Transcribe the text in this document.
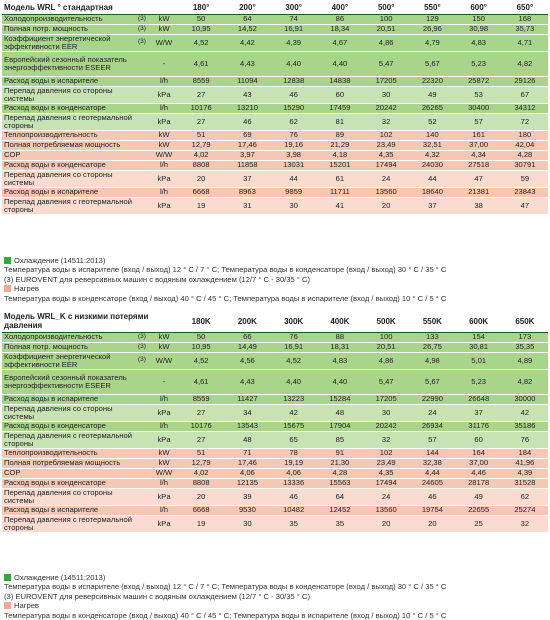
Модель WRL ° стандартная			180°	200°	300°	400°	500°	550°	600°	650°
Холодопроизводительность	(3)	kW	50	64	74	86	100	129	150	168
Полная потр. мощность	(3)	kW	10,95	14,52	16,91	18,34	20,51	26,96	30,98	35,73
Коэффициент энергетической эффективности EER	(3)	W/W	4,52	4,42	4,39	4,67	4,86	4,79	4,83	4,71
Европейский сезонный показатель энергоэффективности ESEER		-	4,61	4,43	4,40	4,40	5,47	5,67	5,23	4,82
Расход воды в испарителе		l/h	8559	11094	12838	14838	17205	22320	25872	29126
Перепад давления со стороны системы		kPa	27	43	46	60	30	49	53	67
Расход воды в конденсаторе		l/h	10176	13210	15290	17459	20242	26265	30400	34312
Перепад давления с геотермальной стороны		kPa	27	46	62	81	32	52	57	72
Теплопроизводительность		kW	51	69	76	89	102	140	161	180
Полная потребляемая мощность		kW	12,79	17,46	19,16	21,29	23,49	32,51	37,00	42,04
COP		W/W	4,02	3,97	3,98	4,18	4,35	4,32	4,34	4,28
Расход воды в конденсаторе		l/h	8808	11858	13031	15201	17494	24030	27518	30791
Перепад давления со стороны системы		kPa	20	37	44	61	24	44	47	59
Расход воды в испарителе		l/h	6668	8963	9859	11711	13560	18640	21381	23843
Перепад давления с геотермальной стороны		kPa	19	31	30	41	20	37	38	47
Охлаждение (14511:2013)
Температура воды в испарителе (вход / выход) 12 ° C / 7 ° C; Температура воды в конденсаторе (вход / выход) 30 ° C / 35 ° C
(3) EUROVENT для реверсивных машин с водяным охлаждением (12/7 ° C - 30/35 ° C)
Нагрев
Температура воды в конденсаторе (вход / выход) 40 ° C / 45 ° C; Температура воды в испарителе (вход / выход) 10 ° C / 5 ° C
Модель WRL_K с низкими потерями давления			180K	200K	300K	400K	500K	550K	600K	650K
Холодопроизводительность	(3)	kW	50	66	76	88	100	133	154	173
Полная потр. мощность	(3)	kW	10,95	14,49	16,91	18,31	20,51	26,75	30,81	35,35
Коэффициент энергетической эффективности EER	(3)	W/W	4,52	4,56	4,52	4,83	4,86	4,98	5,01	4,89
Европейский сезонный показатель энергоэффективности ESEER		-	4,61	4,43	4,40	4,40	5,47	5,67	5,23	4,82
Расход воды в испарителе		l/h	8559	11427	13223	15284	17205	22990	26648	30000
Перепад давления со стороны системы		kPa	27	34	42	48	30	24	37	42
Расход воды в конденсаторе		l/h	10176	13543	15675	17904	20242	26934	31176	35186
Перепад давления с геотермальной стороны		kPa	27	48	65	85	32	57	60	76
Теплопроизводительность		kW	51	71	78	91	102	144	164	184
Полная потребляемая мощность		kW	12,79	17,46	19,19	21,30	23,49	32,38	37,00	41,96
COP		W/W	4,02	4,06	4,06	4,28	4,35	4,44	4,46	4,39
Расход воды в конденсаторе		l/h	8808	12135	13336	15563	17494	24605	28178	31528
Перепад давления со стороны системы		kPa	20	39	46	64	24	46	49	62
Расход воды в испарителе		l/h	6668	9530	10482	12452	13560	19754	22655	25274
Перепад давления с геотермальной стороны		kPa	19	30	35	35	20	20	25	32
Охлаждение (14511:2013)
Температура воды в испарителе (вход / выход) 12 ° C / 7 ° C; Температура воды в конденсаторе (вход / выход) 30 ° C / 35 ° C
(3) EUROVENT для реверсивных машин с водяным охлаждением (12/7 ° C - 30/35 ° C)
Нагрев
Температура воды в конденсаторе (вход / выход) 40 ° C / 45 ° C; Температура воды в испарителе (вход / выход) 10 ° C / 5 ° C
